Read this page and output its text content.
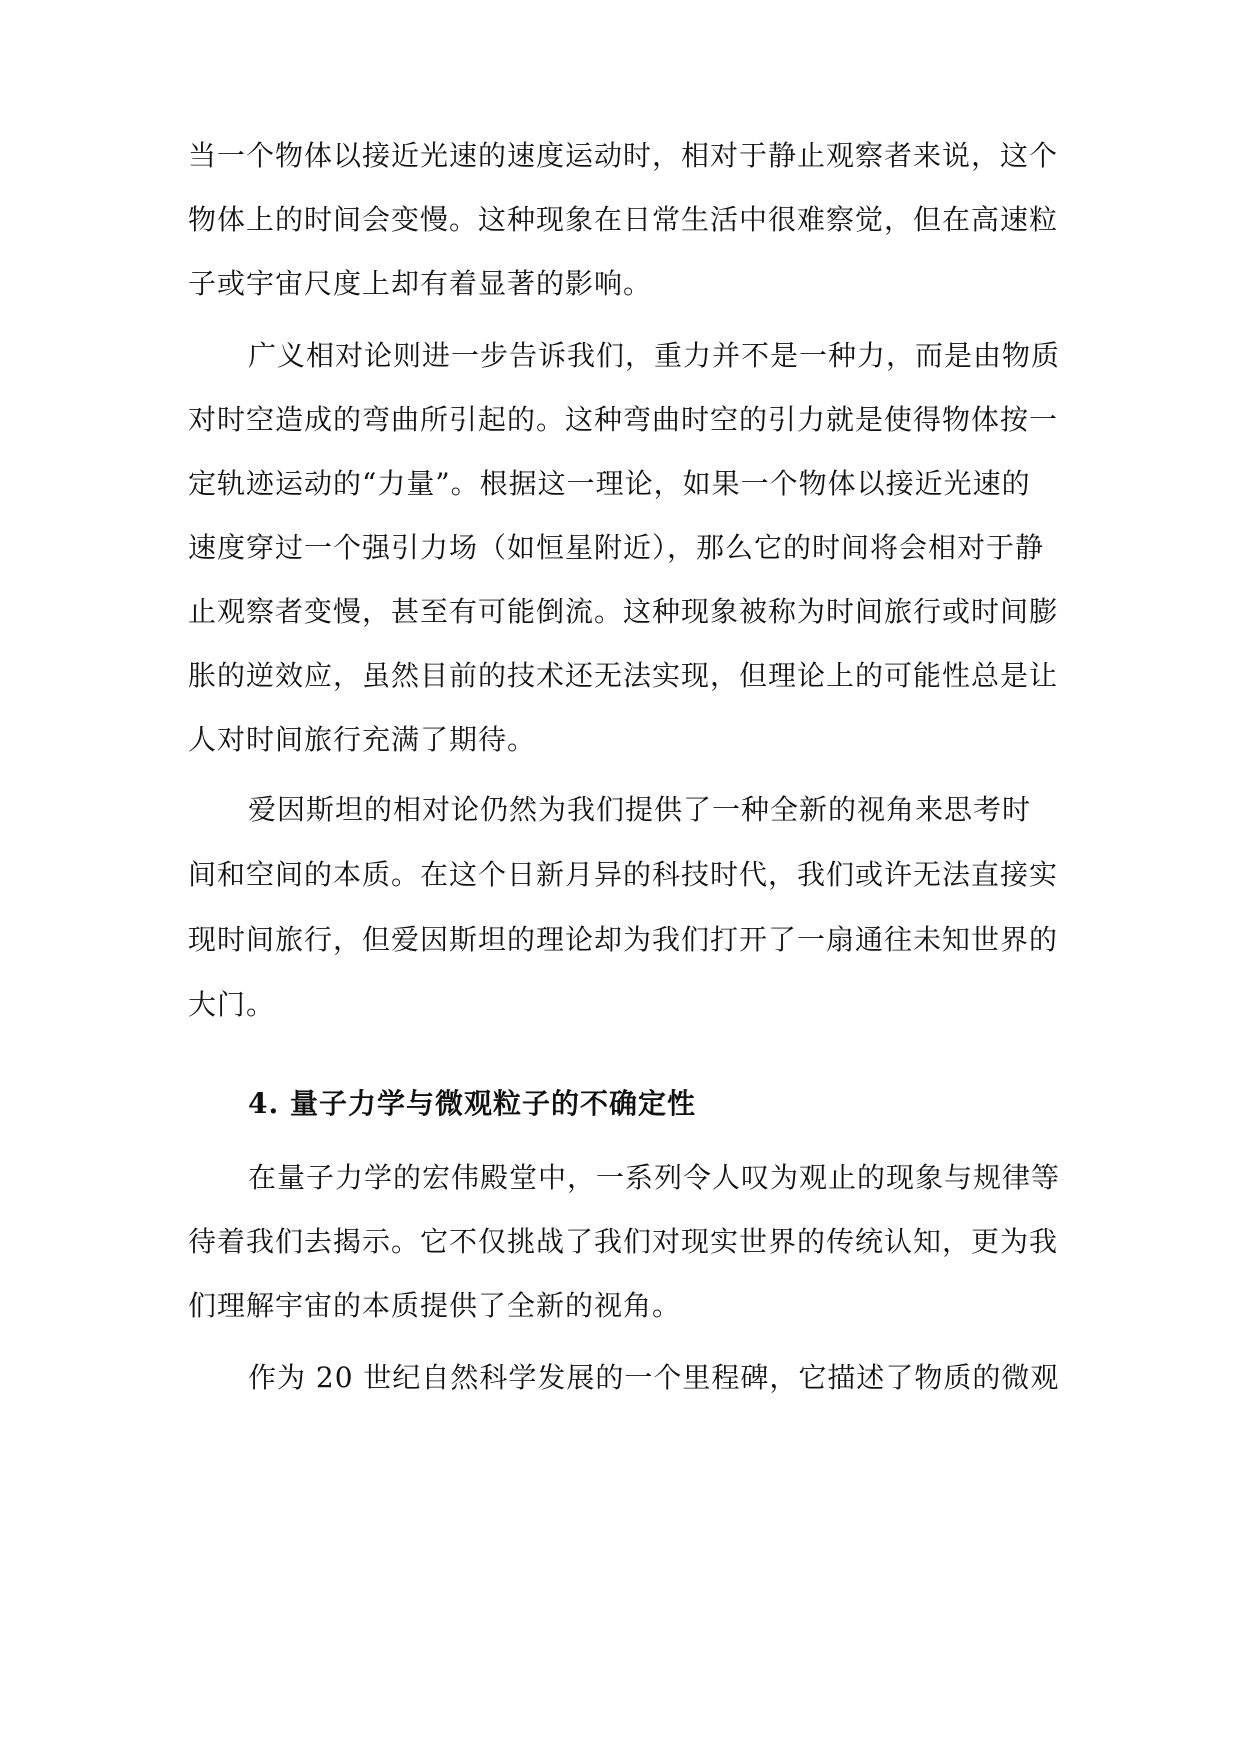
当一个物体以接近光速的速度运动时，相对于静止观察者来说，这个
物体上的时间会变慢。这种现象在日常生活中很难察觉，但在高速粒
子或宇宙尺度上却有着显著的影响。
广义相对论则进一步告诉我们，重力并不是一种力，而是由物质
对时空造成的弯曲所引起的。这种弯曲时空的引力就是使得物体按一
定轨迹运动的“力量”。根据这一理论，如果一个物体以接近光速的
速度穿过一个强引力场（如恒星附近），那么它的时间将会相对于静
止观察者变慢，甚至有可能倒流。这种现象被称为时间旅行或时间膨
胀的逆效应，虽然目前的技术还无法实现，但理论上的可能性总是让
人对时间旅行充满了期待。
爱因斯坦的相对论仍然为我们提供了一种全新的视角来思考时
间和空间的本质。在这个日新月异的科技时代，我们或许无法直接实
现时间旅行，但爱因斯坦的理论却为我们打开了一扇通往未知世界的
大门。
4. 量子力学与微观粒子的不确定性
在量子力学的宏伟殿堂中，一系列令人叹为观止的现象与规律等
待着我们去揭示。它不仅挑战了我们对现实世界的传统认知，更为我
们理解宇宙的本质提供了全新的视角。
作为 20 世纪自然科学发展的一个里程碑，它描述了物质的微观
